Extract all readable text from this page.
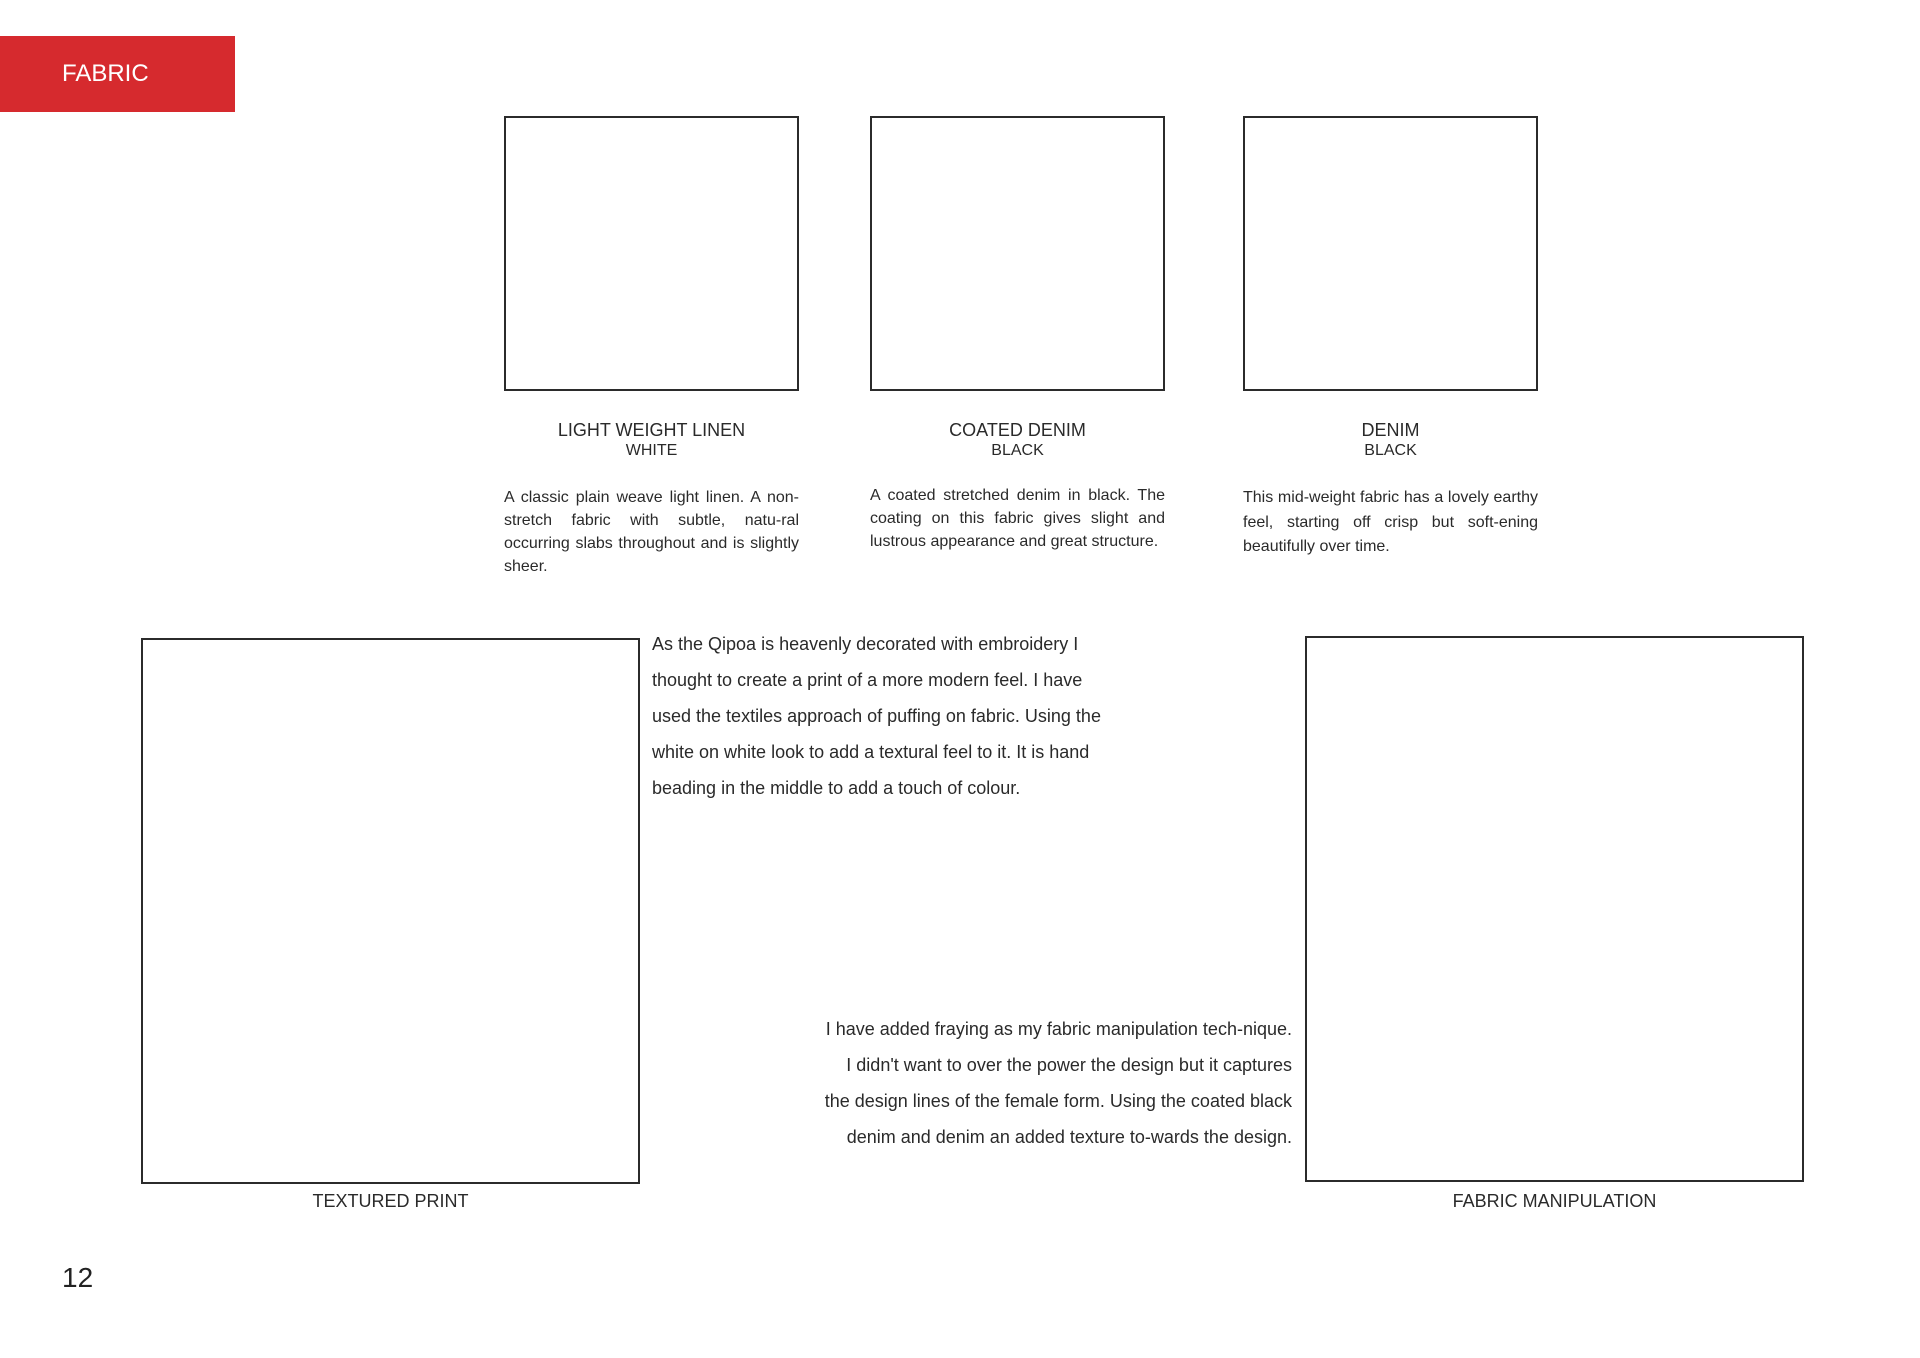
FABRIC
LIGHT WEIGHT LINEN
WHITE
A classic plain weave light linen. A non-stretch fabric with subtle, natu-ral occurring slabs throughout and is slightly sheer.
COATED DENIM
BLACK
A coated stretched denim in black. The coating on this fabric gives slight and lustrous appearance and great structure.
DENIM
BLACK
This mid-weight fabric has a lovely earthy feel, starting off crisp but soft-ening beautifully over time.
TEXTURED PRINT	FABRIC MANIPULATION
As the Qipoa is heavenly decorated with embroidery I thought to create a print of a more modern feel. I have used the textiles approach of puffing on fabric. Using the white on white look to add a textural feel to it. It is hand beading in the middle to add a touch of colour.
I have added fraying as my fabric manipulation tech-nique. I didn't want to over the power the design but it captures the design lines of the female form. Using the coated black denim and denim an added texture to-wards the design.
12
